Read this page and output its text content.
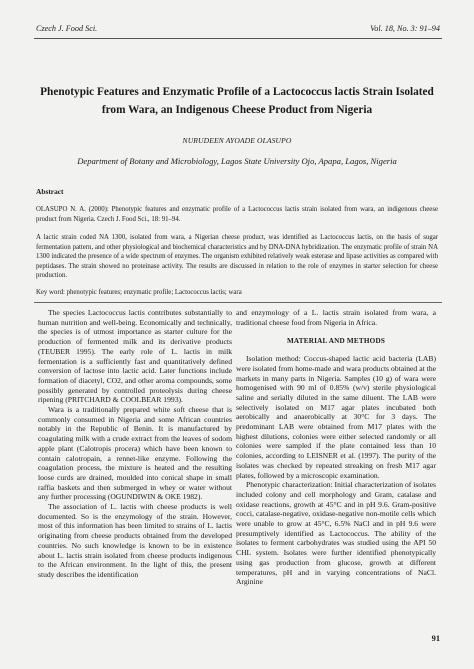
Czech J. Food Sci.	Vol. 18, No. 3: 91–94
Phenotypic Features and Enzymatic Profile of a Lactococcus lactis Strain Isolated from Wara, an Indigenous Cheese Product from Nigeria
NURUDEEN AYOADE OLASUPO
Department of Botany and Microbiology, Lagos State University Ojo, Apapa, Lagos, Nigeria
Abstract
OLASUPO N. A. (2000): Phenotypic features and enzymatic profile of a Lactococcus lactis strain isolated from wara, an indigenous cheese product from Nigeria. Czech J. Food Sci., 18: 91–94.
A lactic strain coded NA 1300, isolated from wara, a Nigerian cheese product, was identified as Lactococcus lactis, on the basis of sugar fermentation pattern, and other physiological and biochemical characteristics and by DNA-DNA hybridization. The enzymatic profile of strain NA 1300 indicated the presence of a wide spectrum of enzymes. The organism exhibited relatively weak esterase and lipase activities as compared with peptidases. The strain showed no proteinase activity. The results are discussed in relation to the role of enzymes in starter selection for cheese production.
Key word: phenotypic features; enzymatic profile; Lactococcus lactis; wara

The species Lactococcus lactis contributes substantially to human nutrition and well-being. Economically and technically, the species is of utmost importance as starter culture for the production of fermented milk and its derivative products (TEUBER 1995). The early role of L. lactis in milk fermentation is a sufficiently fast and quantitatively defined conversion of lactose into lactic acid. Later functions include formation of diacetyl, CO2, and other aroma compounds, some possibly generated by controlled proteolysis during cheese ripening (PRITCHARD & COOLBEAR 1993).

Wara is a traditionally prepared white soft cheese that is commonly consumed in Nigeria and some African countries notably in the Republic of Benin. It is manufactured by coagulating milk with a crude extract from the leaves of sodom apple plant (Calotropis procera) which have been known to contain calotropain, a rennet-like enzyme. Following the coagulation process, the mixture is heated and the resulting loose curds are drained, moulded into conical shape in small raffia baskets and then submerged in whey or water without any further processing (OGUNDIWIN & OKE 1982).

The association of L. lactis with cheese products is well documented. So is the enzymology of the strain. However, most of this information has been limited to strains of L. lactis originating from cheese products obtained from the developed countries. No such knowledge is known to be in existence about L. lactis strain isolated from cheese products indigenous to the African environment. In the light of this, the present study describes the identification

and enzymology of a L. lactis strain isolated from wara, a traditional cheese food from Nigeria in Africa.

MATERIAL AND METHODS

Isolation method: Coccus-shaped lactic acid bacteria (LAB) were isolated from home-made and wara products obtained at the markets in many parts in Nigeria. Samples (10 g) of wara were homogenised with 90 ml of 0.85% (w/v) sterile physiological saline and serially diluted in the same diluent. The LAB were selectively isolated on M17 agar plates incubated both aerobically and anaerobically at 30°C for 3 days. The predominant LAB were obtained from M17 plates with the highest dilutions, colonies were either selected randomly or all colonies were sampled if the plate contained less than 10 colonies, according to LEISNER et al. (1997). The purity of the isolates was checked by repeated streaking on fresh M17 agar plates, followed by a microscopic examination.

Phenotypic characterization: Initial characterization of isolates included colony and cell morphology and Gram, catalase and oxidase reactions, growth at 45°C and in pH 9.6. Gram-positive cocci, catalase-negative, oxidase-negative non-motile cells which were unable to grow at 45°C, 6.5% NaCl and in pH 9.6 were presumptively identified as Lactococcus. The ability of the isolates to ferment carbohydrates was studied using the API 50 CHL system. Isolates were further identified phenotypically using gas production from glucose, growth at different temperatures, pH and in varying concentrations of NaCl. Arginine

91
